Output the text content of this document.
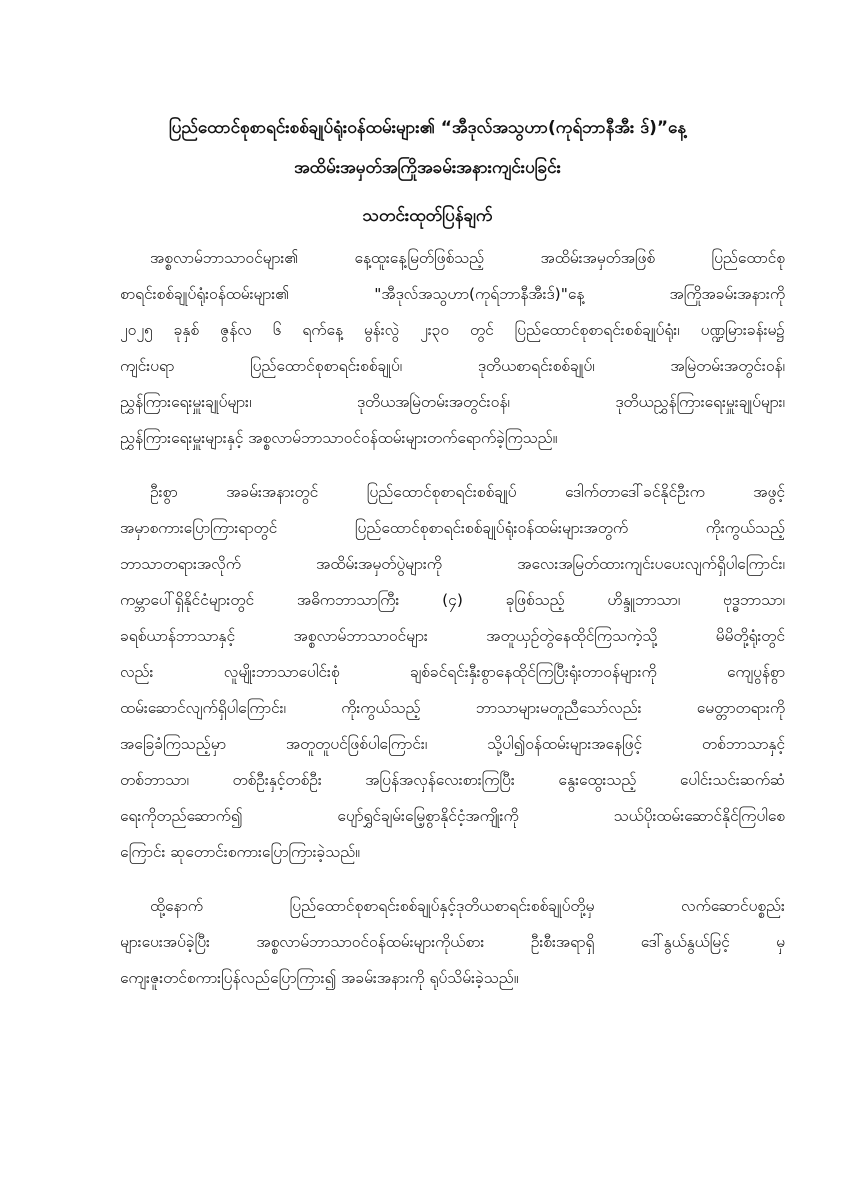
ပြည်ထောင်စုစာရင်းစစ်ချုပ်ရုံးဝန်ထမ်းများ၏ “အီဒုလ်အသွဟာ(ကုရ်ဘာနီအီး ဒ်)”နေ့
အထိမ်းအမှတ်အကြိုအခမ်းအနားကျင်းပခြင်း
သတင်းထုတ်ပြန်ချက်
အစ္စလာမ်ဘာသာဝင်များ၏ နေ့ထူးနေ့မြတ်ဖြစ်သည့် အထိမ်းအမှတ်အဖြစ် ပြည်ထောင်စု
စာရင်းစစ်ချုပ်ရုံးဝန်ထမ်းများ၏ "အီဒုလ်အသွဟာ(ကုရ်ဘာနီအီးဒ်)"နေ့ အကြိုအခမ်းအနားကို
၂၀၂၅ ခုနှစ် ဇွန်လ ၆ ရက်နေ့ မွန်းလွဲ ၂း၃၀ တွင် ပြည်ထောင်စုစာရင်းစစ်ချုပ်ရုံး၊ ပဏ္ဍမြားခန်းမ၌
ကျင်းပရာ ပြည်ထောင်စုစာရင်းစစ်ချုပ်၊ ဒုတိယစာရင်းစစ်ချုပ်၊ အမြဲတမ်းအတွင်းဝန်၊
ညွှန်ကြားရေးမှူးချုပ်များ၊ ဒုတိယအမြဲတမ်းအတွင်းဝန်၊ ဒုတိယညွှန်ကြားရေးမှူးချုပ်များ၊
ညွှန်ကြားရေးမှူးများနှင့် အစ္စလာမ်ဘာသာဝင်ဝန်ထမ်းများတက်ရောက်ခဲ့ကြသည်။
ဦးစွာ အခမ်းအနားတွင် ပြည်ထောင်စုစာရင်းစစ်ချုပ် ဒေါက်တာဒေါ်ခင်နိုင်ဦးက အဖွင့်
အမှာစကားပြောကြားရာတွင် ပြည်ထောင်စုစာရင်းစစ်ချုပ်ရုံးဝန်ထမ်းများအတွက် ကိုးကွယ်သည့်
ဘာသာတရားအလိုက် အထိမ်းအမှတ်ပွဲများကို အလေးအမြတ်ထားကျင်းပပေးလျက်ရှိပါကြောင်း၊
ကမ္ဘာပေါ်ရှိနိုင်ငံများတွင် အဓိကဘာသာကြီး (၄) ခုဖြစ်သည့် ဟိန္ဒူဘာသာ၊ ဗုဒ္ဓဘာသာ၊
ခရစ်ယာန်ဘာသာနှင့် အစ္စလာမ်ဘာသာဝင်များ အတူယှဉ်တွဲနေထိုင်ကြသကဲ့သို့ မိမိတို့ရုံးတွင်
လည်း လူမျိုးဘာသာပေါင်းစုံ ချစ်ခင်ရင်းနှီးစွာနေထိုင်ကြပြီးရုံးတာဝန်များကို ကျေပွန်စွာ
ထမ်းဆောင်လျက်ရှိပါကြောင်း၊ ကိုးကွယ်သည့် ဘာသာများမတူညီသော်လည်း မေတ္တာတရားကို
အခြေခံကြသည့်မှာ အတူတူပင်ဖြစ်ပါကြောင်း၊ သို့ပါ၍ဝန်ထမ်းများအနေဖြင့် တစ်ဘာသာနှင့်
တစ်ဘာသာ၊ တစ်ဦးနှင့်တစ်ဦး အပြန်အလှန်လေးစားကြပြီး နွေးထွေးသည့် ပေါင်းသင်းဆက်ဆံ
ရေးကိုတည်ဆောက်၍ ပျော်ရွှင်ချမ်းမြေ့စွာနိုင်ငံ့အကျိုးကို သယ်ပိုးထမ်းဆောင်နိုင်ကြပါစေ
ကြောင်း ဆုတောင်းစကားပြောကြားခဲ့သည်။
ထို့နောက် ပြည်ထောင်စုစာရင်းစစ်ချုပ်နှင့်ဒုတိယစာရင်းစစ်ချုပ်တို့မှ လက်ဆောင်ပစ္စည်း
များပေးအပ်ခဲ့ပြီး အစ္စလာမ်ဘာသာဝင်ဝန်ထမ်းများကိုယ်စား ဦးစီးအရာရှိ ဒေါ်နွယ်နွယ်မြင့် မှ
ကျေးဇူးတင်စကားပြန်လည်ပြောကြား၍ အခမ်းအနားကို ရုပ်သိမ်းခဲ့သည်။
